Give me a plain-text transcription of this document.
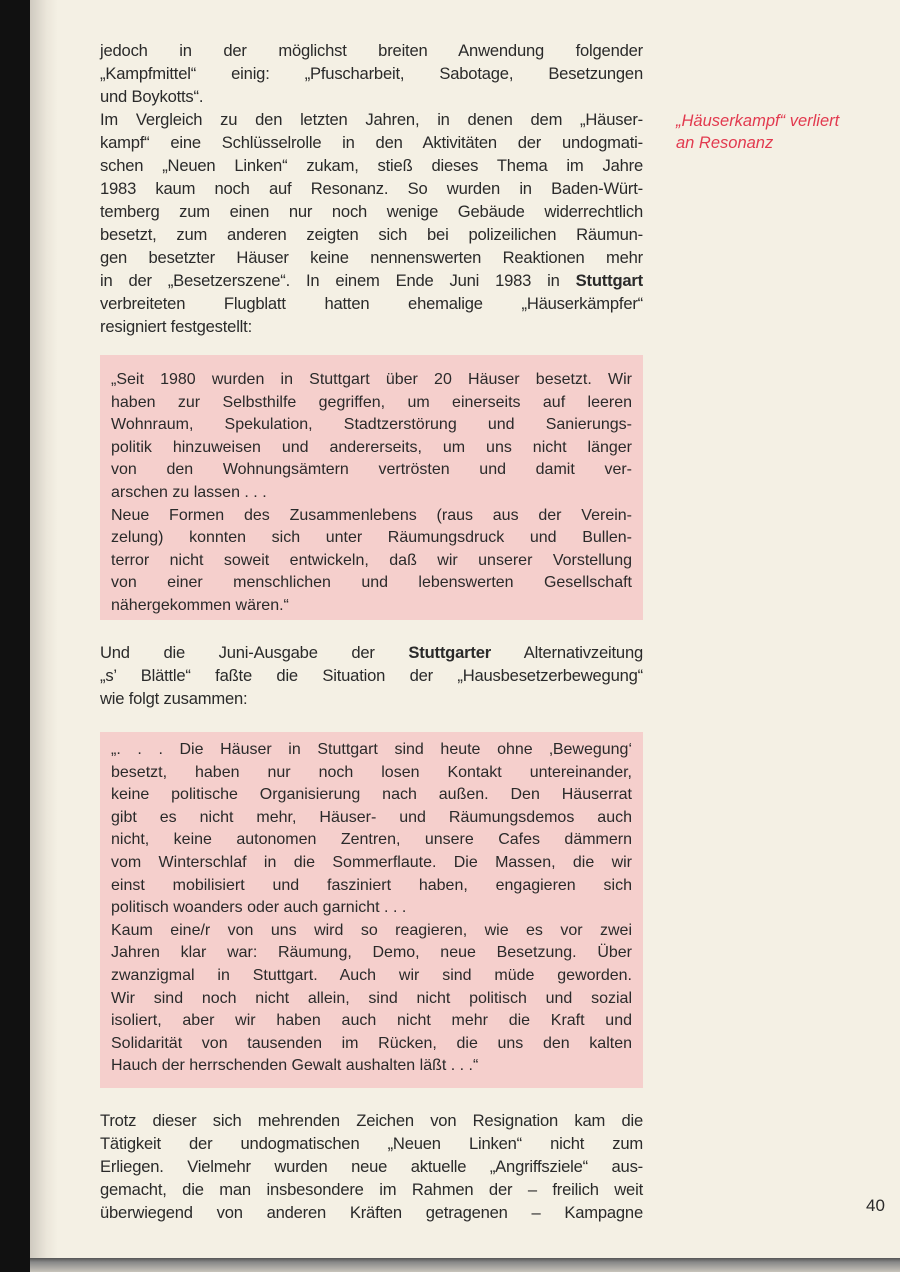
jedoch in der möglichst breiten Anwendung folgender
„Kampfmittel“ einig: „Pfuscharbeit, Sabotage, Besetzungen
und Boykotts“.
Im Vergleich zu den letzten Jahren, in denen dem „Häuser-
kampf“ eine Schlüsselrolle in den Aktivitäten der undogmati-
schen „Neuen Linken“ zukam, stieß dieses Thema im Jahre
1983 kaum noch auf Resonanz. So wurden in Baden-Würt-
temberg zum einen nur noch wenige Gebäude widerrechtlich
besetzt, zum anderen zeigten sich bei polizeilichen Räumun-
gen besetzter Häuser keine nennenswerten Reaktionen mehr
in der „Besetzerszene“. In einem Ende Juni 1983 in Stuttgart
verbreiteten Flugblatt hatten ehemalige „Häuserkämpfer“
resigniert festgestellt:
„Seit 1980 wurden in Stuttgart über 20 Häuser besetzt. Wir
haben zur Selbsthilfe gegriffen, um einerseits auf leeren
Wohnraum, Spekulation, Stadtzerstörung und Sanierungs-
politik hinzuweisen und andererseits, um uns nicht länger
von den Wohnungsämtern vertrösten und damit ver-
arschen zu lassen . . .
Neue Formen des Zusammenlebens (raus aus der Verein-
zelung) konnten sich unter Räumungsdruck und Bullen-
terror nicht soweit entwickeln, daß wir unserer Vorstellung
von einer menschlichen und lebenswerten Gesellschaft
nähergekommen wären.“
Und die Juni-Ausgabe der Stuttgarter Alternativzeitung
„s’ Blättle“ faßte die Situation der „Hausbesetzerbewegung“
wie folgt zusammen:
„. . . Die Häuser in Stuttgart sind heute ohne ‚Bewegung‘
besetzt, haben nur noch losen Kontakt untereinander,
keine politische Organisierung nach außen. Den Häuserrat
gibt es nicht mehr, Häuser- und Räumungsdemos auch
nicht, keine autonomen Zentren, unsere Cafes dämmern
vom Winterschlaf in die Sommerflaute. Die Massen, die wir
einst mobilisiert und fasziniert haben, engagieren sich
politisch woanders oder auch garnicht . . .
Kaum eine/r von uns wird so reagieren, wie es vor zwei
Jahren klar war: Räumung, Demo, neue Besetzung. Über
zwanzigmal in Stuttgart. Auch wir sind müde geworden.
Wir sind noch nicht allein, sind nicht politisch und sozial
isoliert, aber wir haben auch nicht mehr die Kraft und
Solidarität von tausenden im Rücken, die uns den kalten
Hauch der herrschenden Gewalt aushalten läßt . . .“
Trotz dieser sich mehrenden Zeichen von Resignation kam die
Tätigkeit der undogmatischen „Neuen Linken“ nicht zum
Erliegen. Vielmehr wurden neue aktuelle „Angriffsziele“ aus-
gemacht, die man insbesondere im Rahmen der – freilich weit
überwiegend von anderen Kräften getragenen – Kampagne
„Häuserkampf“ verliert
an Resonanz
40
